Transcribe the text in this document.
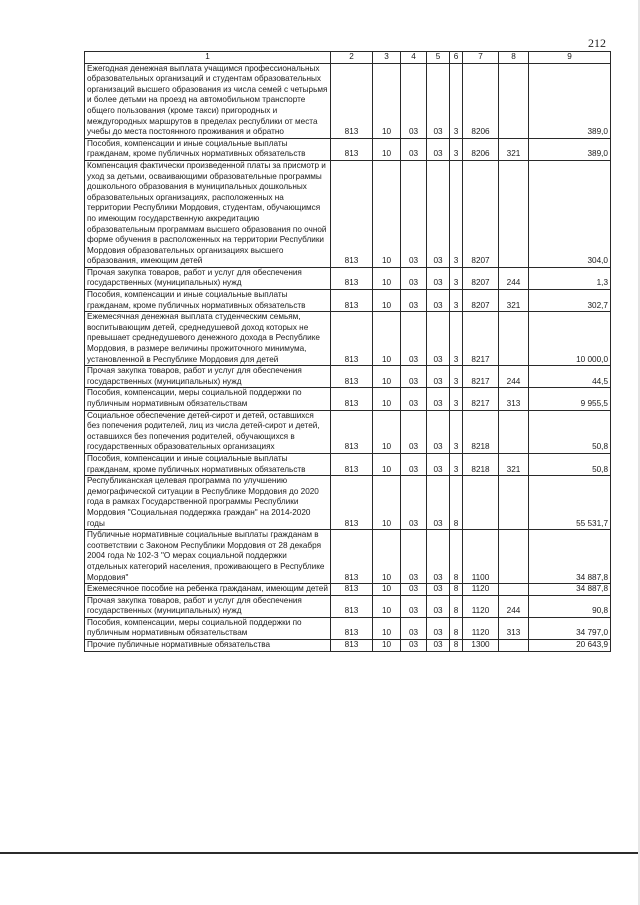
212
1	2	3	4	5	6	7	8	9
Ежегодная денежная выплата учащимся профессиональных образовательных организаций и студентам образовательных организаций высшего образования из числа семей с четырьмя и более детьми на проезд на автомобильном транспорте общего пользования (кроме такси) пригородных и междугородных маршрутов в пределах республики от места учебы до места постоянного проживания и обратно	813	10	03	03	3	8206		389,0
Пособия, компенсации и иные социальные выплаты гражданам, кроме публичных нормативных обязательств	813	10	03	03	3	8206	321	389,0
Компенсация фактически произведенной платы за присмотр и уход за детьми, осваивающими образовательные программы дошкольного образования в муниципальных дошкольных образовательных организациях, расположенных на территории Республики Мордовия, студентам, обучающимся по имеющим государственную аккредитацию образовательным программам высшего образования по очной форме обучения в расположенных на территории Республики Мордовия образовательных организациях высшего образования, имеющим детей	813	10	03	03	3	8207		304,0
Прочая закупка товаров, работ и услуг для обеспечения государственных (муниципальных) нужд	813	10	03	03	3	8207	244	1,3
Пособия, компенсации и иные социальные выплаты гражданам, кроме публичных нормативных обязательств	813	10	03	03	3	8207	321	302,7
Ежемесячная денежная выплата студенческим семьям, воспитывающим детей, среднедушевой доход которых не превышает среднедушевого денежного дохода в Республике Мордовия, в размере величины прожиточного минимума, установленной в Республике Мордовия для детей	813	10	03	03	3	8217		10 000,0
Прочая закупка товаров, работ и услуг для обеспечения государственных (муниципальных) нужд	813	10	03	03	3	8217	244	44,5
Пособия, компенсации, меры социальной поддержки по публичным нормативным обязательствам	813	10	03	03	3	8217	313	9 955,5
Социальное обеспечение детей-сирот и детей, оставшихся без попечения родителей, лиц из числа детей-сирот и детей, оставшихся без попечения родителей, обучающихся в государственных образовательных организациях	813	10	03	03	3	8218		50,8
Пособия, компенсации и иные социальные выплаты гражданам, кроме публичных нормативных обязательств	813	10	03	03	3	8218	321	50,8
Республиканская целевая программа по улучшению демографической ситуации в Республике Мордовия до 2020 года в рамках Государственной программы Республики Мордовия "Социальная поддержка граждан" на 2014-2020 годы	813	10	03	03	8			55 531,7
Публичные нормативные социальные выплаты гражданам в соответствии с Законом Республики Мордовия от 28 декабря 2004 года № 102-З "О мерах социальной поддержки отдельных категорий населения, проживающего в Республике Мордовия"	813	10	03	03	8	1100		34 887,8
Ежемесячное пособие на ребенка гражданам, имеющим детей	813	10	03	03	8	1120		34 887,8
Прочая закупка товаров, работ и услуг для обеспечения государственных (муниципальных) нужд	813	10	03	03	8	1120	244	90,8
Пособия, компенсации, меры социальной поддержки по публичным нормативным обязательствам	813	10	03	03	8	1120	313	34 797,0
Прочие публичные нормативные обязательства	813	10	03	03	8	1300		20 643,9
